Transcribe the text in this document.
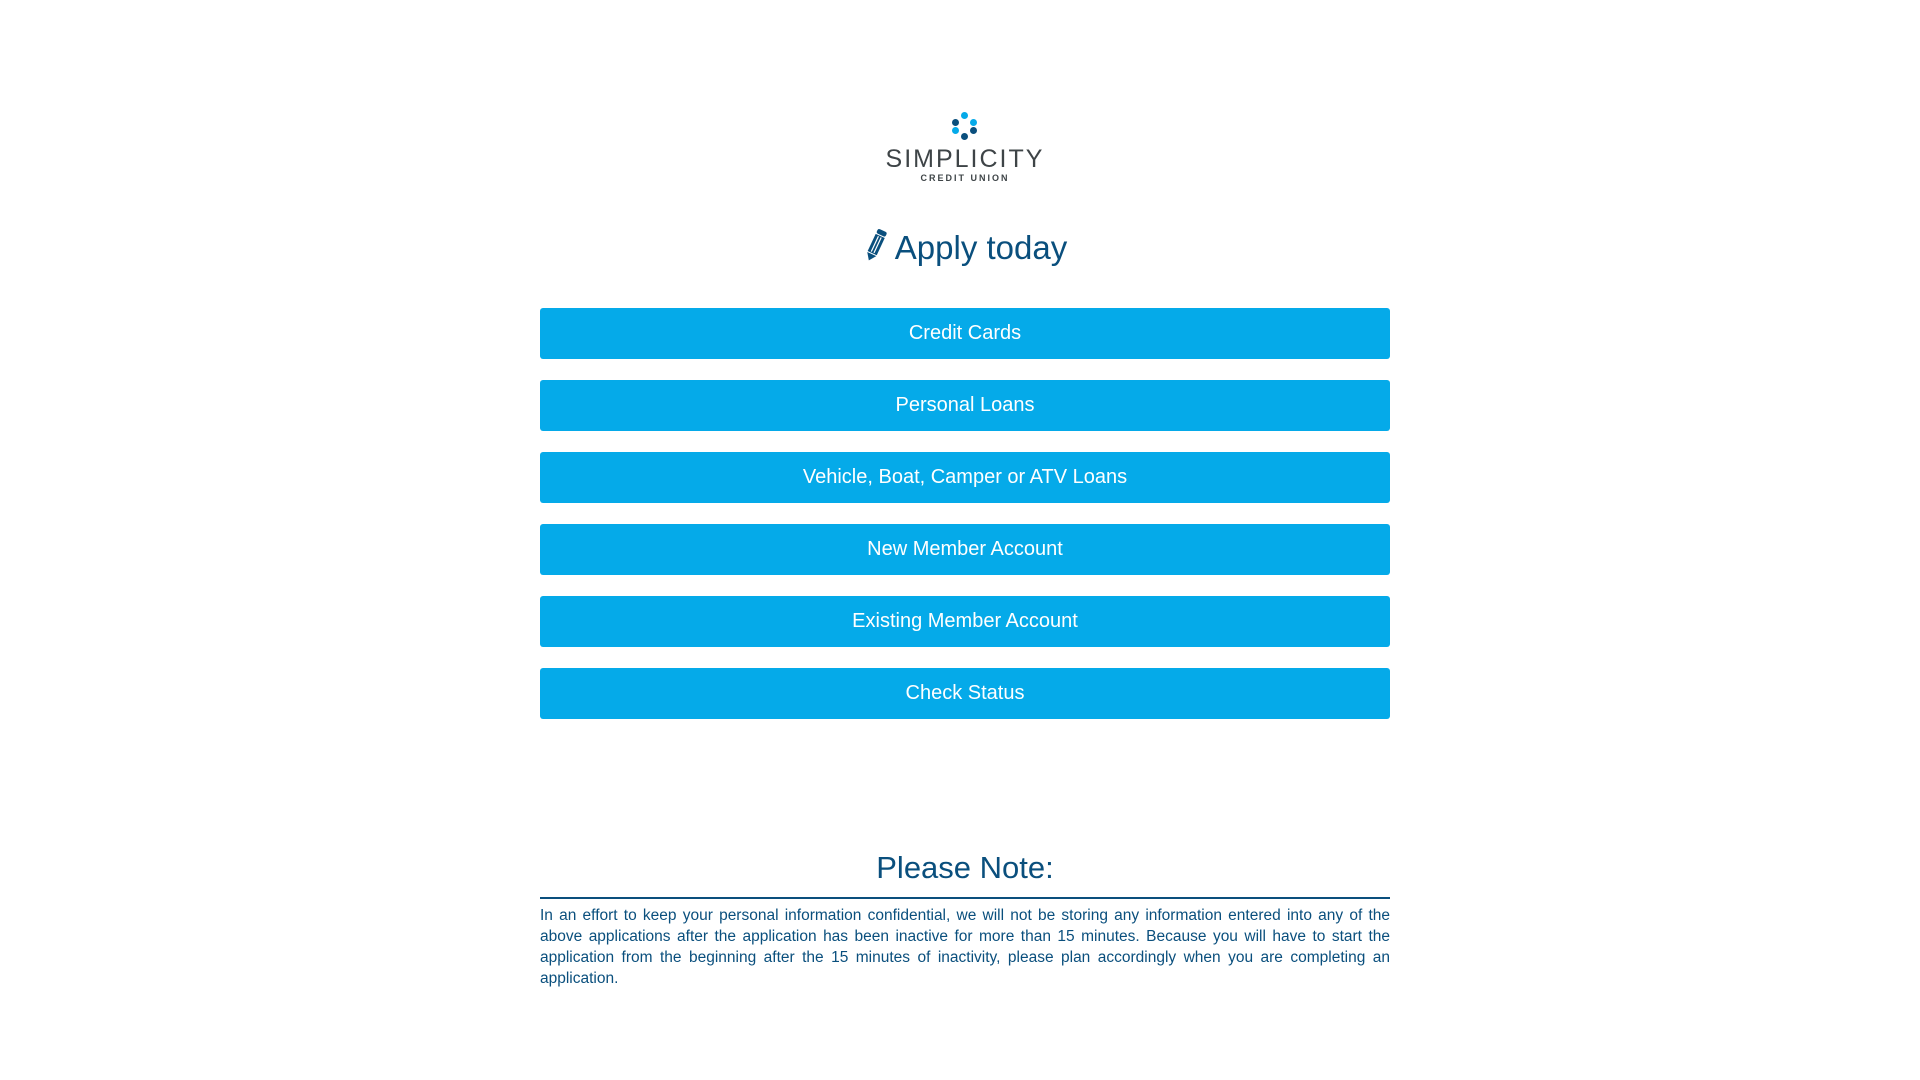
SIMPLICITY
CREDIT UNION
Apply today
Credit Cards
Personal Loans
Vehicle, Boat, Camper or ATV Loans
New Member Account
Existing Member Account
Check Status
Please Note:
In an effort to keep your personal information confidential, we will not be storing any information entered into any of the above applications after the application has been inactive for more than 15 minutes. Because you will have to start the application from the beginning after the 15 minutes of inactivity, please plan accordingly when you are completing an application.
